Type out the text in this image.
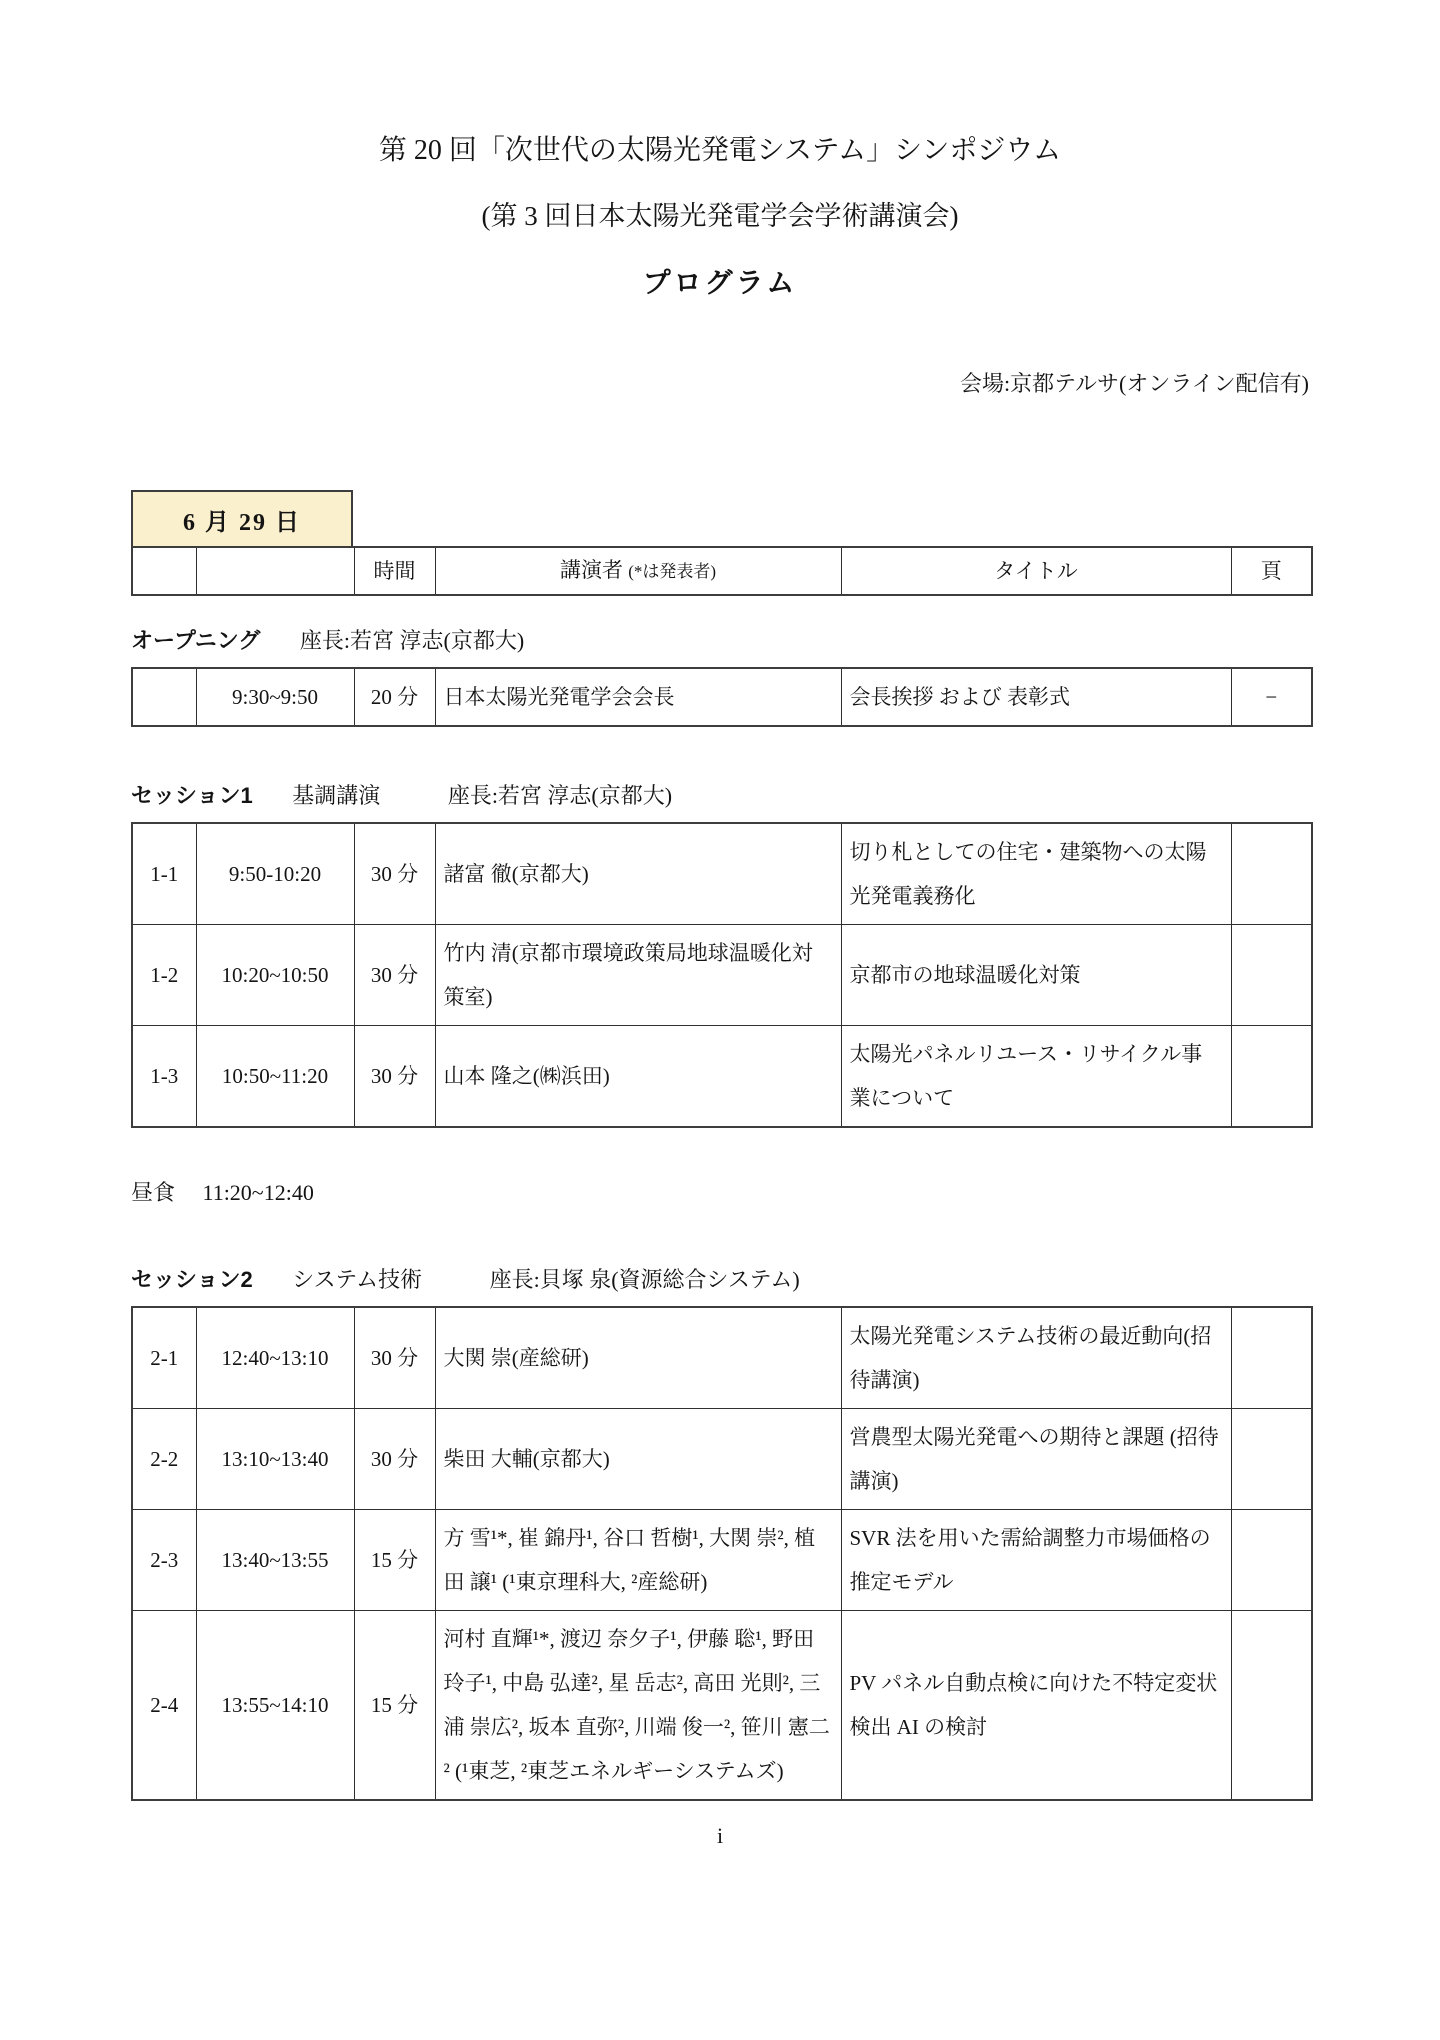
第 20 回「次世代の太陽光発電システム」シンポジウム
(第 3 回日本太陽光発電学会学術講演会)
プログラム
会場:京都テルサ(オンライン配信有)
6 月 29 日
		時間	講演者 (*は発表者)	タイトル	頁
オープニング 座長:若宮 淳志(京都大)
	9:30~9:50	20 分	日本太陽光発電学会会長	会長挨拶 および 表彰式	−
セッション1 基調講演	座長:若宮 淳志(京都大)
1-1	9:50-10:20	30 分	諸富 徹(京都大)	切り札としての住宅・建築物への太陽光発電義務化	
1-2	10:20~10:50	30 分	竹内 清(京都市環境政策局地球温暖化対策室)	京都市の地球温暖化対策	
1-3	10:50~11:20	30 分	山本 隆之(㈱浜田)	太陽光パネルリユース・リサイクル事業について	
昼食 11:20~12:40
セッション2 システム技術	座長:貝塚 泉(資源総合システム)
2-1	12:40~13:10	30 分	大関 崇(産総研)	太陽光発電システム技術の最近動向(招待講演)	
2-2	13:10~13:40	30 分	柴田 大輔(京都大)	営農型太陽光発電への期待と課題 (招待講演)	
2-3	13:40~13:55	15 分	方 雪¹*, 崔 錦丹¹, 谷口 哲樹¹, 大関 崇², 植田 譲¹ (¹東京理科大, ²産総研)	SVR 法を用いた需給調整力市場価格の推定モデル	
2-4	13:55~14:10	15 分	河村 直輝¹*, 渡辺 奈夕子¹, 伊藤 聡¹, 野田 玲子¹, 中島 弘達², 星 岳志², 高田 光則², 三浦 崇広², 坂本 直弥², 川端 俊一², 笹川 憲二² (¹東芝, ²東芝エネルギーシステムズ)	PV パネル自動点検に向けた不特定変状検出 AI の検討	
i
